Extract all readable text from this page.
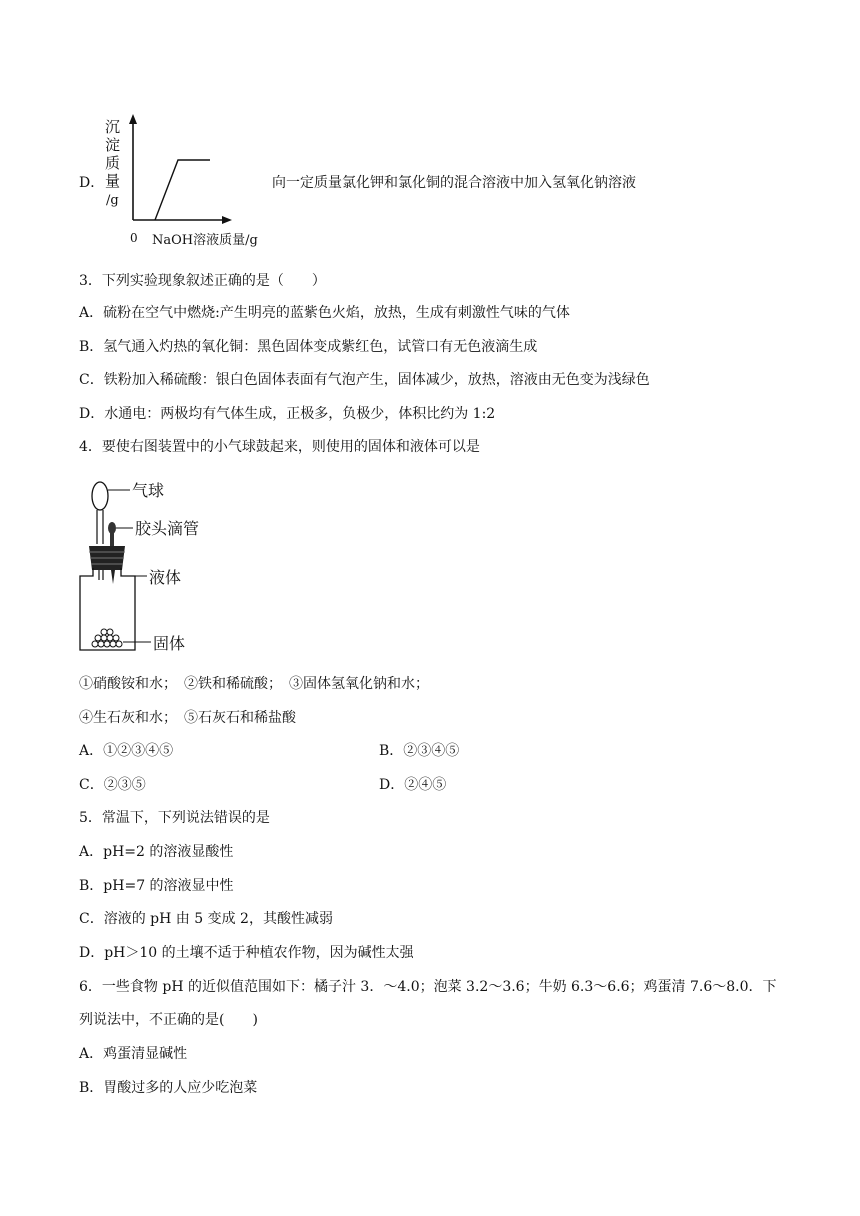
D．
沉
淀
质
量
/g
0 NaOH溶液质量/g
向一定质量氯化钾和氯化铜的混合溶液中加入氢氧化钠溶液
3．下列实验现象叙述正确的是（　　）
A．硫粉在空气中燃烧:产生明亮的蓝紫色火焰，放热，生成有刺激性气味的气体
B．氢气通入灼热的氧化铜：黑色固体变成紫红色，试管口有无色液滴生成
C．铁粉加入稀硫酸：银白色固体表面有气泡产生，固体减少，放热，溶液由无色变为浅绿色
D．水通电：两极均有气体生成，正极多，负极少，体积比约为 1:2
4．要使右图装置中的小气球鼓起来，则使用的固体和液体可以是
气球
胶头滴管
液体
固体
①硝酸铵和水；　②铁和稀硫酸；　③固体氢氧化钠和水；
④生石灰和水；　⑤石灰石和稀盐酸
A．①②③④⑤	B．②③④⑤
C．②③⑤	D．②④⑤
5．常温下，下列说法错误的是
A．pH=2 的溶液显酸性
B．pH=7 的溶液显中性
C．溶液的 pH 由 5 变成 2，其酸性减弱
D．pH＞10 的土壤不适于种植农作物，因为碱性太强
6．一些食物 pH 的近似值范围如下：橘子汁 3．～4.0；泡菜 3.2～3.6；牛奶 6.3～6.6；鸡蛋清 7.6～8.0．下
列说法中，不正确的是(　　)
A．鸡蛋清显碱性
B．胃酸过多的人应少吃泡菜
